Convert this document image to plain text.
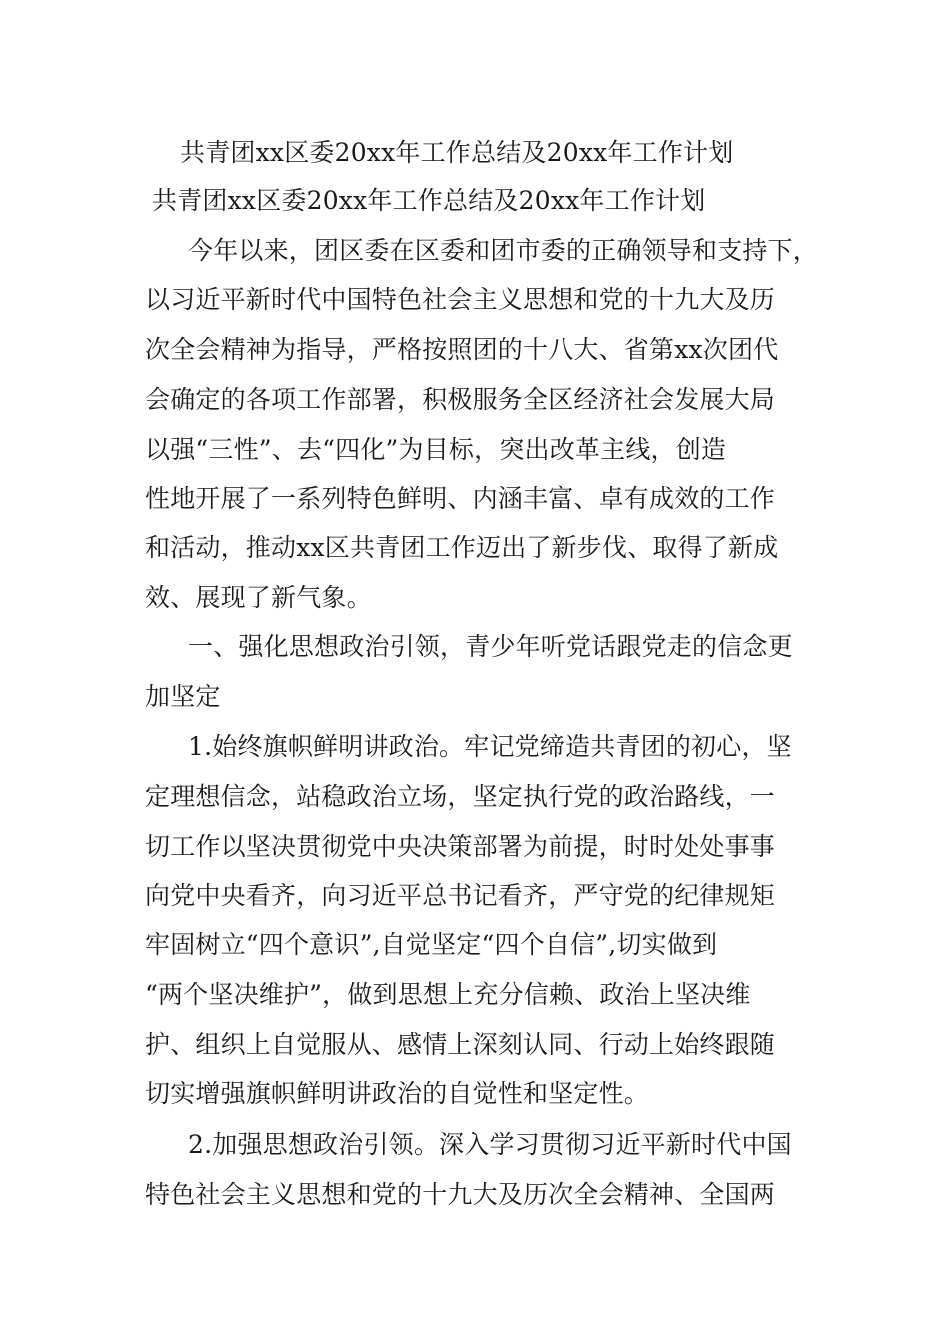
共青团xx区委20xx年工作总结及20xx年工作计划
共青团xx区委20xx年工作总结及20xx年工作计划
今年以来，团区委在区委和团市委的正确领导和支持下，
以习近平新时代中国特色社会主义思想和党的十九大及历
次全会精神为指导，严格按照团的十八大、省第xx次团代
会确定的各项工作部署，积极服务全区经济社会发展大局
以强“三性”、去“四化”为目标，突出改革主线，创造
性地开展了一系列特色鲜明、内涵丰富、卓有成效的工作
和活动，推动xx区共青团工作迈出了新步伐、取得了新成
效、展现了新气象。
一、强化思想政治引领，青少年听党话跟党走的信念更
加坚定
1.始终旗帜鲜明讲政治。牢记党缔造共青团的初心，坚
定理想信念，站稳政治立场，坚定执行党的政治路线，一
切工作以坚决贯彻党中央决策部署为前提，时时处处事事
向党中央看齐，向习近平总书记看齐，严守党的纪律规矩
牢固树立“四个意识”,自觉坚定“四个自信”,切实做到
“两个坚决维护”，做到思想上充分信赖、政治上坚决维
护、组织上自觉服从、感情上深刻认同、行动上始终跟随
切实增强旗帜鲜明讲政治的自觉性和坚定性。
2.加强思想政治引领。深入学习贯彻习近平新时代中国
特色社会主义思想和党的十九大及历次全会精神、全国两
